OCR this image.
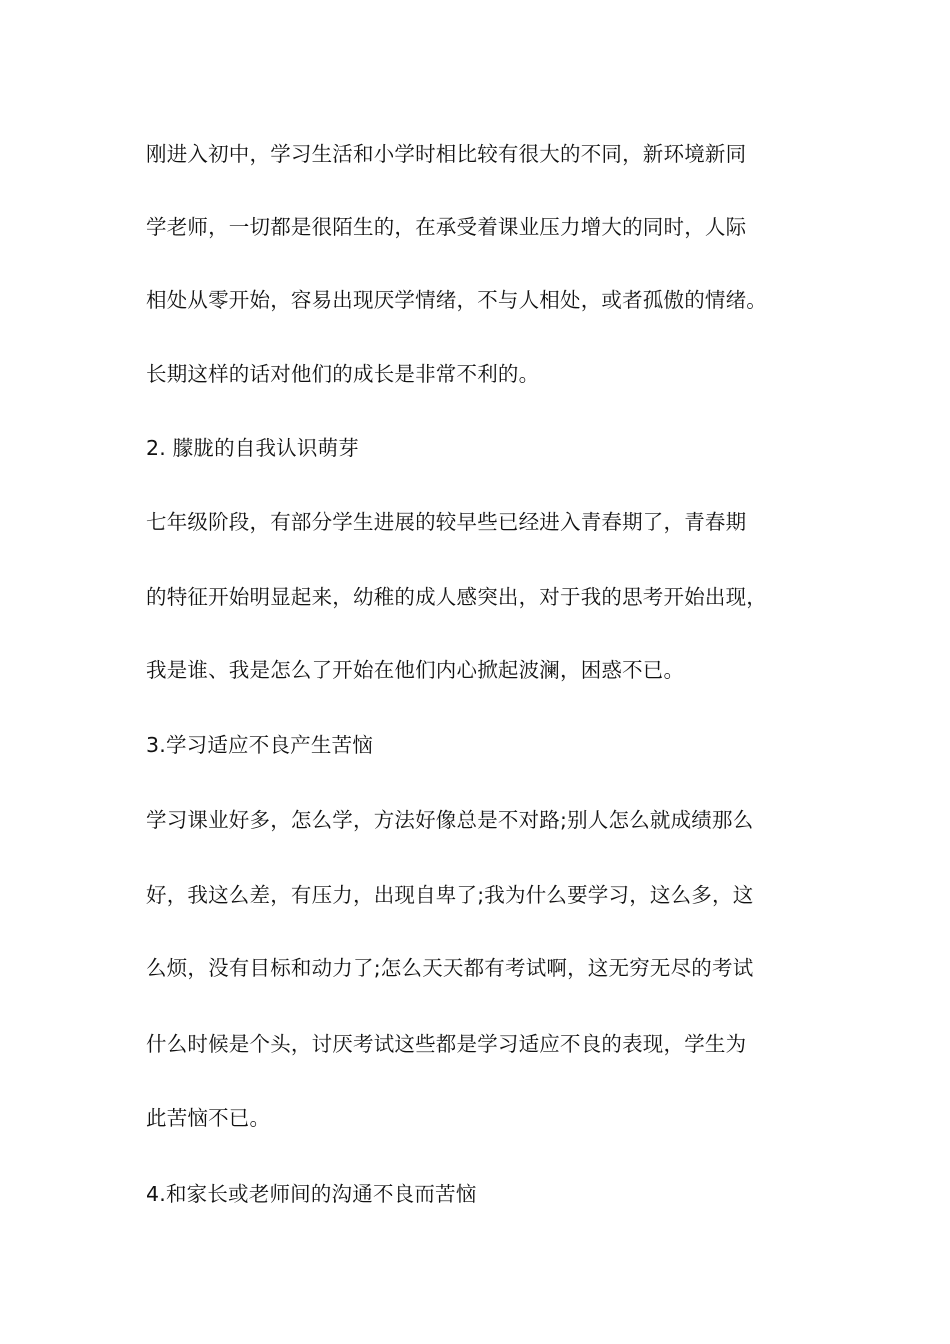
刚进入初中，学习生活和小学时相比较有很大的不同，新环境新同
学老师，一切都是很陌生的，在承受着课业压力增大的同时，人际
相处从零开始，容易出现厌学情绪，不与人相处，或者孤傲的情绪。
长期这样的话对他们的成长是非常不利的。
2. 朦胧的自我认识萌芽
七年级阶段，有部分学生进展的较早些已经进入青春期了，青春期
的特征开始明显起来，幼稚的成人感突出，对于我的思考开始出现，
我是谁、我是怎么了开始在他们内心掀起波澜，困惑不已。
3.学习适应不良产生苦恼
学习课业好多，怎么学，方法好像总是不对路;别人怎么就成绩那么
好，我这么差，有压力，出现自卑了;我为什么要学习，这么多，这
么烦，没有目标和动力了;怎么天天都有考试啊，这无穷无尽的考试
什么时候是个头，讨厌考试这些都是学习适应不良的表现，学生为
此苦恼不已。
4.和家长或老师间的沟通不良而苦恼
